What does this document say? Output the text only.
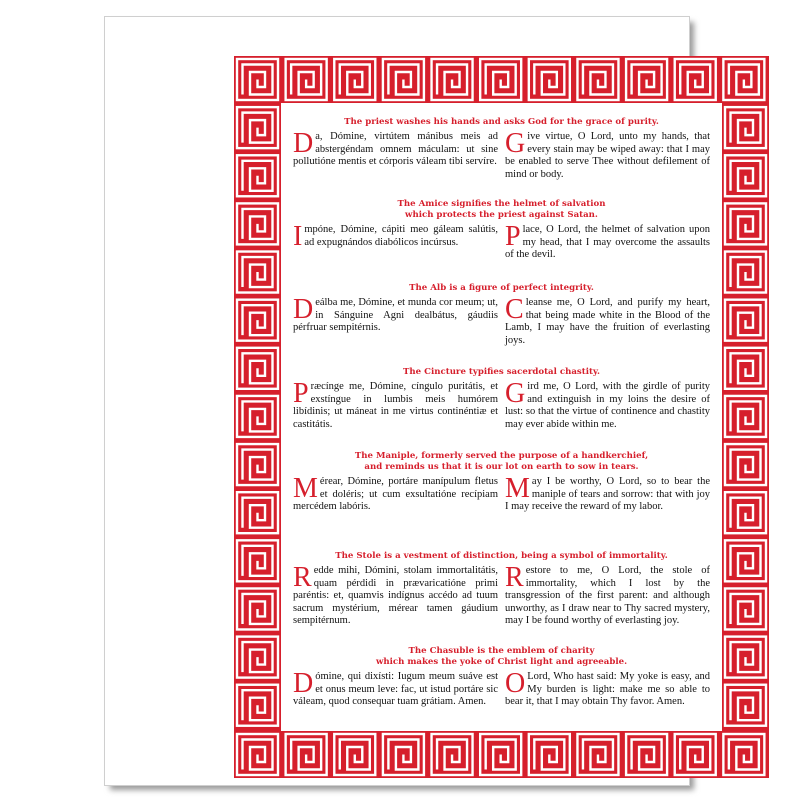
The priest washes his hands and asks God for the grace of purity.

Da, Dómine, virtútem mánibus meis ad abstergéndam omnem máculam: ut sine pollutióne mentis et córporis váleam tibi servíre.

Give virtue, O Lord, unto my hands, that every stain may be wiped away: that I may be enabled to serve Thee without defilement of mind or body.

The Amice signifies the helmet of salvation
which protects the priest against Satan.

Impóne, Dómine, cápiti meo gáleam salútis, ad expugnándos diabólicos incúrsus.	Place, O Lord, the helmet of salvation upon my head, that I may overcome the assaults of the devil.

The Alb is a figure of perfect integrity.

Deálba me, Dómine, et munda cor meum; ut, in Sánguine Agni dealbátus, gáudiis pérfruar sempitérnis.

Cleanse me, O Lord, and purify my heart, that being made white in the Blood of the Lamb, I may have the fruition of everlasting joys.

The Cincture typifies sacerdotal chastity.

Præcínge me, Dómine, cíngulo puritátis, et exstíngue in lumbis meis humórem libídinis; ut máneat in me virtus continéntiæ et castitátis.

Gird me, O Lord, with the girdle of purity and extinguish in my loins the desire of lust: so that the virtue of continence and chastity may ever abide within me.

The Maniple, formerly served the purpose of a handkerchief,
and reminds us that it is our lot on earth to sow in tears.

Mérear, Dómine, portáre manípulum fletus et doléris; ut cum exsultatióne recípiam mercédem labóris.

May I be worthy, O Lord, so to bear the maniple of tears and sorrow: that with joy I may receive the reward of my labor.

The Stole is a vestment of distinction, being a symbol of immortality.

Redde mihi, Dómini, stolam immortalitátis, quam pérdidi in prævaricatióne primi paréntis: et, quamvis indígnus accédo ad tuum sacrum mystérium, mérear tamen gáudium sempitérnum.

Restore to me, O Lord, the stole of immortality, which I lost by the transgression of the first parent: and although unworthy, as I draw near to Thy sacred mystery, may I be found worthy of everlasting joy.

The Chasuble is the emblem of charity
which makes the yoke of Christ light and agreeable.

Dómine, qui dixísti: Iugum meum suáve est et onus meum leve: fac, ut istud portáre sic váleam, quod consequar tuam grátiam. Amen.

O Lord, Who hast said: My yoke is easy, and My burden is light: make me so able to bear it, that I may obtain Thy favor. Amen.
